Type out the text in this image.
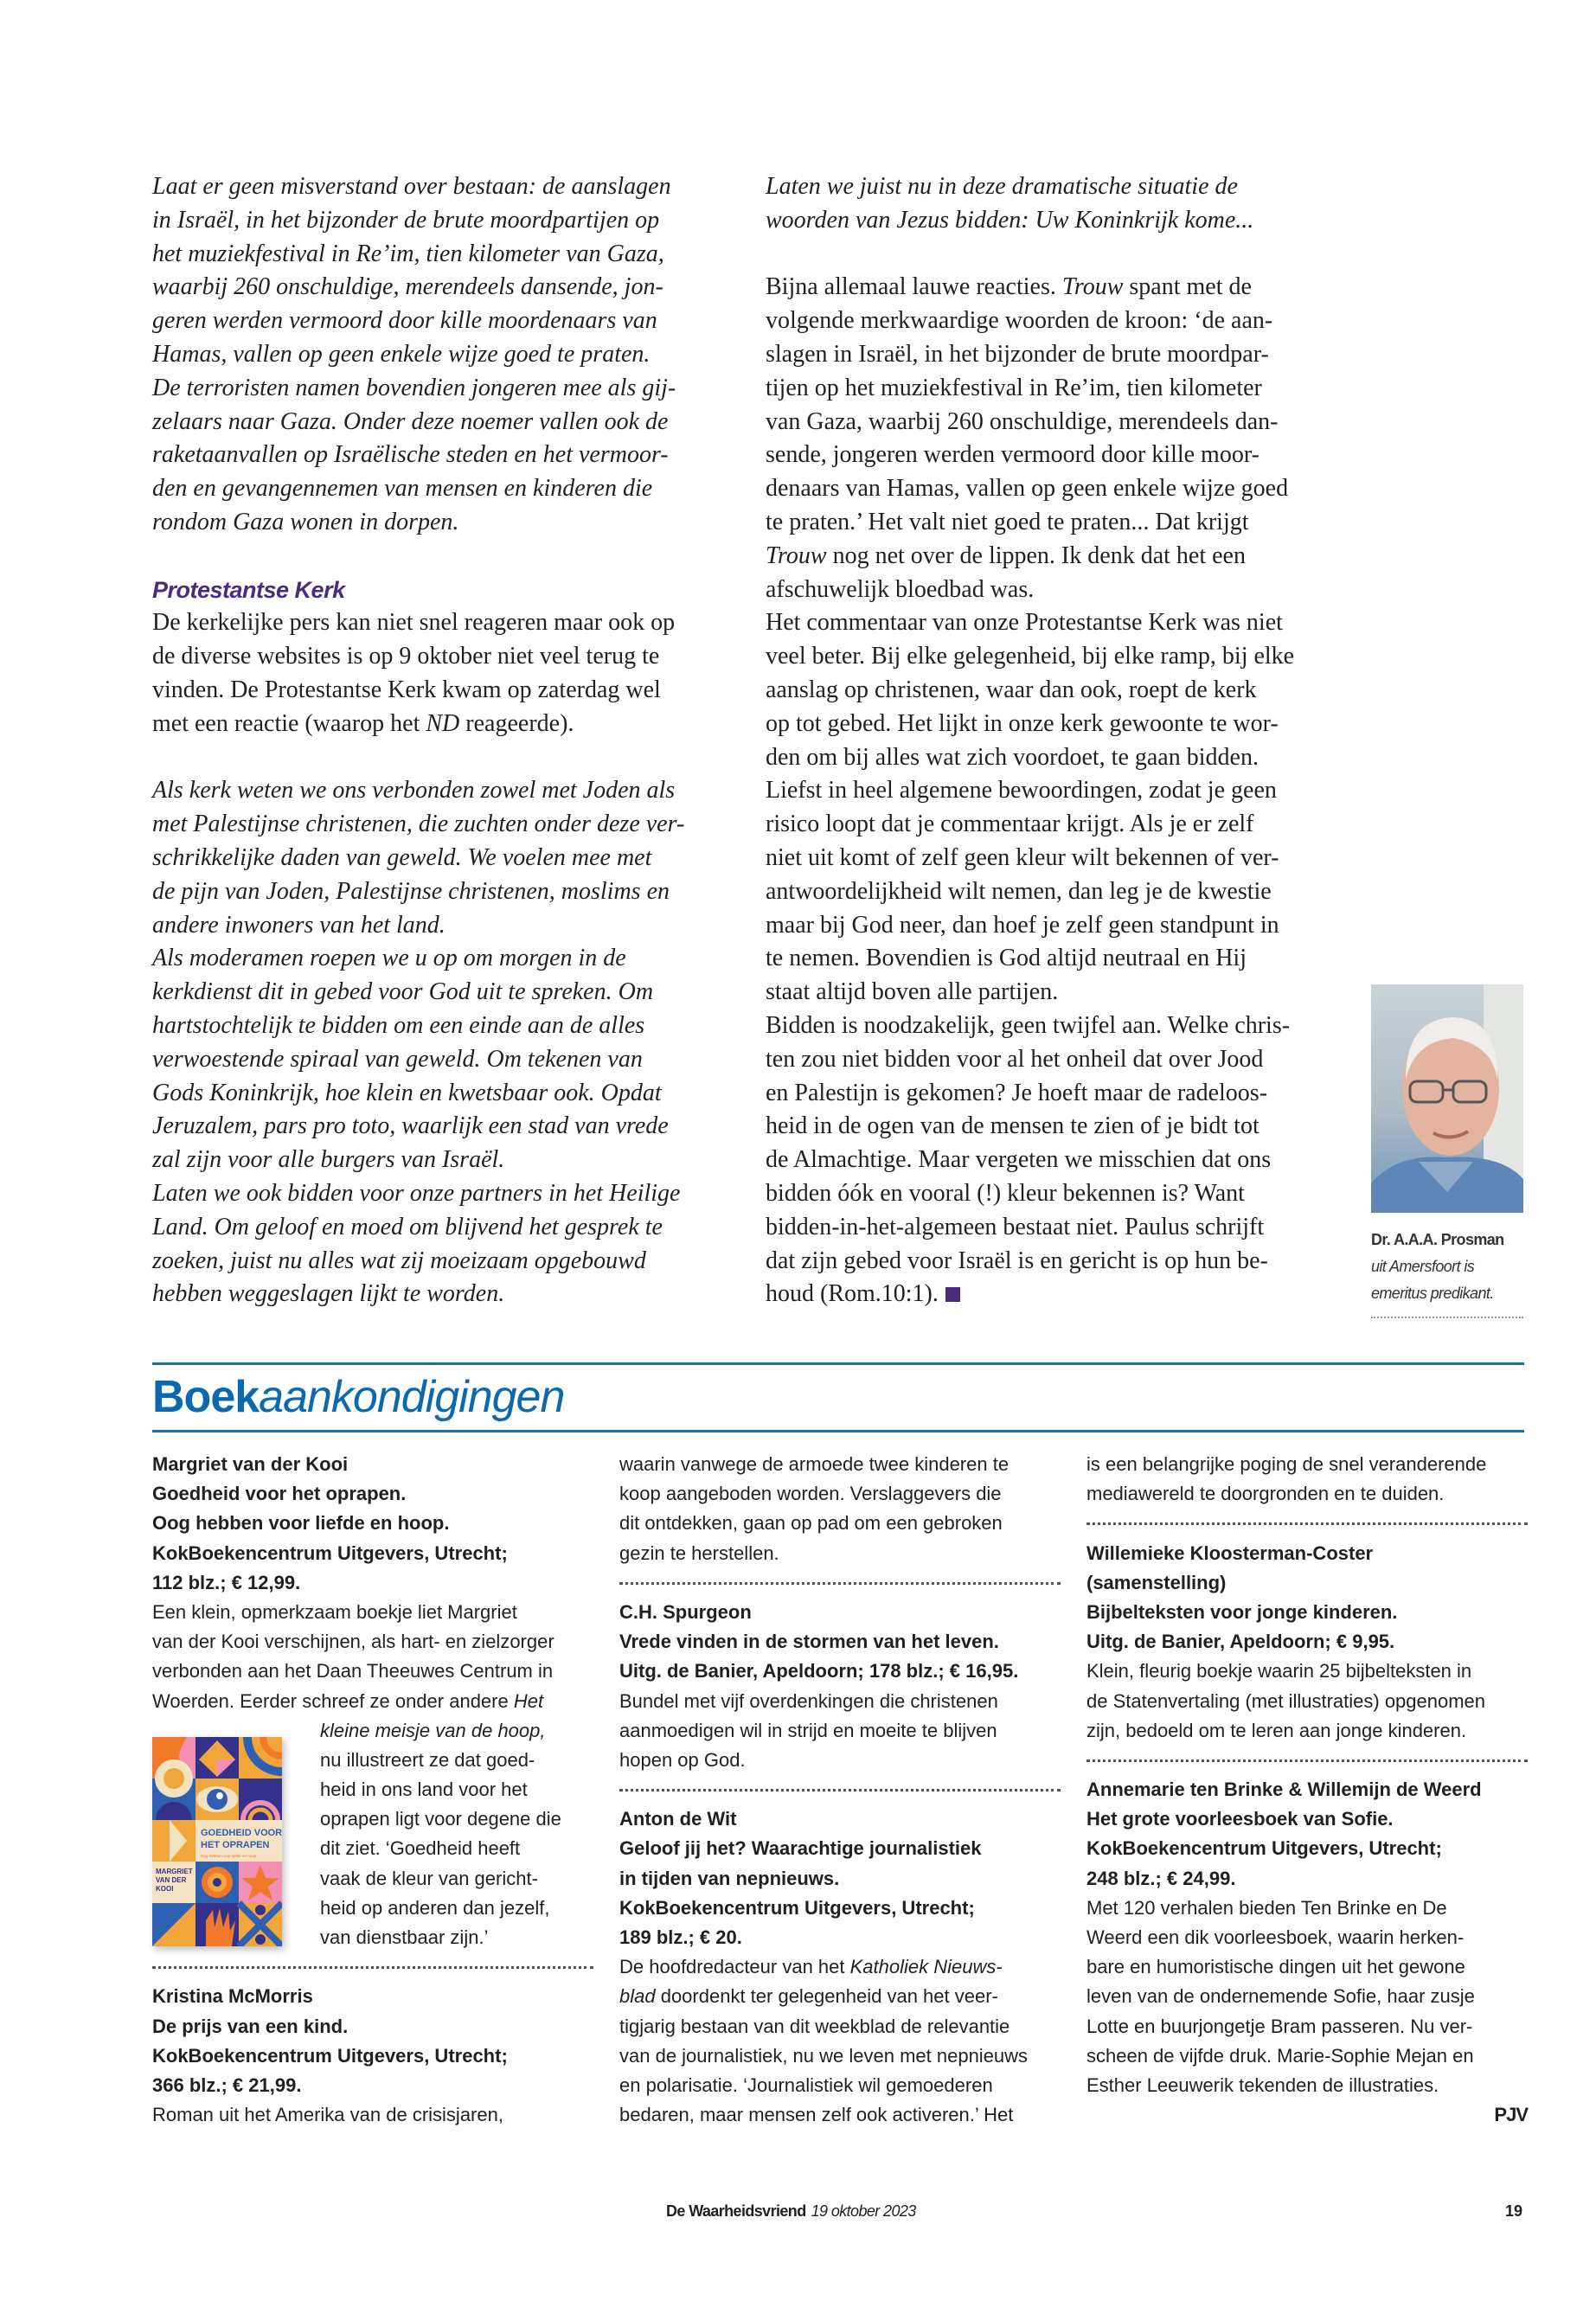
Laat er geen misverstand over bestaan: de aanslagen
in Israël, in het bijzonder de brute moordpartijen op
het muziekfestival in Re’im, tien kilometer van Gaza,
waarbij 260 onschuldige, merendeels dansende, jon-
geren werden vermoord door kille moordenaars van
Hamas, vallen op geen enkele wijze goed te praten.
De terroristen namen bovendien jongeren mee als gij-
zelaars naar Gaza. Onder deze noemer vallen ook de
raketaanvallen op Israëlische steden en het vermoor-
den en gevangennemen van mensen en kinderen die
rondom Gaza wonen in dorpen.
Protestantse Kerk
De kerkelijke pers kan niet snel reageren maar ook op
de diverse websites is op 9 oktober niet veel terug te
vinden. De Protestantse Kerk kwam op zaterdag wel
met een reactie (waarop het ND reageerde).
Als kerk weten we ons verbonden zowel met Joden als
met Palestijnse christenen, die zuchten onder deze ver-
schrikkelijke daden van geweld. We voelen mee met
de pijn van Joden, Palestijnse christenen, moslims en
andere inwoners van het land.
Als moderamen roepen we u op om morgen in de
kerkdienst dit in gebed voor God uit te spreken. Om
hartstochtelijk te bidden om een einde aan de alles
verwoestende spiraal van geweld. Om tekenen van
Gods Koninkrijk, hoe klein en kwetsbaar ook. Opdat
Jeruzalem, pars pro toto, waarlijk een stad van vrede
zal zijn voor alle burgers van Israël.
Laten we ook bidden voor onze partners in het Heilige
Land. Om geloof en moed om blijvend het gesprek te
zoeken, juist nu alles wat zij moeizaam opgebouwd
hebben weggeslagen lijkt te worden.
Laten we juist nu in deze dramatische situatie de
woorden van Jezus bidden: Uw Koninkrijk kome...
Bijna allemaal lauwe reacties. Trouw spant met de
volgende merkwaardige woorden de kroon: ‘de aan-
slagen in Israël, in het bijzonder de brute moordpar-
tijen op het muziekfestival in Re’im, tien kilometer
van Gaza, waarbij 260 onschuldige, merendeels dan-
sende, jongeren werden vermoord door kille moor-
denaars van Hamas, vallen op geen enkele wijze goed
te praten.’ Het valt niet goed te praten... Dat krijgt
Trouw nog net over de lippen. Ik denk dat het een
afschuwelijk bloedbad was.
Het commentaar van onze Protestantse Kerk was niet
veel beter. Bij elke gelegenheid, bij elke ramp, bij elke
aanslag op christenen, waar dan ook, roept de kerk
op tot gebed. Het lijkt in onze kerk gewoonte te wor-
den om bij alles wat zich voordoet, te gaan bidden.
Liefst in heel algemene bewoordingen, zodat je geen
risico loopt dat je commentaar krijgt. Als je er zelf
niet uit komt of zelf geen kleur wilt bekennen of ver-
antwoordelijkheid wilt nemen, dan leg je de kwestie
maar bij God neer, dan hoef je zelf geen standpunt in
te nemen. Bovendien is God altijd neutraal en Hij
staat altijd boven alle partijen.
Bidden is noodzakelijk, geen twijfel aan. Welke chris-
ten zou niet bidden voor al het onheil dat over Jood
en Palestijn is gekomen? Je hoeft maar de radeloos-
heid in de ogen van de mensen te zien of je bidt tot
de Almachtige. Maar vergeten we misschien dat ons
bidden óók en vooral (!) kleur bekennen is? Want
bidden-in-het-algemeen bestaat niet. Paulus schrijft
dat zijn gebed voor Israël is en gericht is op hun be-
houd (Rom.10:1).
Dr. A.A.A. Prosman
uit Amersfoort is
emeritus predikant.
Boekaankondigingen
Margriet van der Kooi
Goedheid voor het oprapen.
Oog hebben voor liefde en hoop.
KokBoekencentrum Uitgevers, Utrecht;
112 blz.; € 12,99.
Een klein, opmerkzaam boekje liet Margriet
van der Kooi verschijnen, als hart- en zielzorger
verbonden aan het Daan Theeuwes Centrum in
Woerden. Eerder schreef ze onder andere Het
kleine meisje van de hoop,
nu illustreert ze dat goed-
heid in ons land voor het
oprapen ligt voor degene die
dit ziet. ‘Goedheid heeft
vaak de kleur van gericht-
heid op anderen dan jezelf,
van dienstbaar zijn.’
Kristina McMorris
De prijs van een kind.
KokBoekencentrum Uitgevers, Utrecht;
366 blz.; € 21,99.
Roman uit het Amerika van de crisisjaren,
waarin vanwege de armoede twee kinderen te
koop aangeboden worden. Verslaggevers die
dit ontdekken, gaan op pad om een gebroken
gezin te herstellen.
C.H. Spurgeon
Vrede vinden in de stormen van het leven.
Uitg. de Banier, Apeldoorn; 178 blz.; € 16,95.
Bundel met vijf overdenkingen die christenen
aanmoedigen wil in strijd en moeite te blijven
hopen op God.
Anton de Wit
Geloof jij het? Waarachtige journalistiek
in tijden van nepnieuws.
KokBoekencentrum Uitgevers, Utrecht;
189 blz.; € 20.
De hoofdredacteur van het Katholiek Nieuws-
blad doordenkt ter gelegenheid van het veer-
tigjarig bestaan van dit weekblad de relevantie
van de journalistiek, nu we leven met nepnieuws
en polarisatie. ‘Journalistiek wil gemoederen
bedaren, maar mensen zelf ook activeren.’ Het
is een belangrijke poging de snel veranderende
mediawereld te doorgronden en te duiden.
Willemieke Kloosterman-Coster
(samenstelling)
Bijbelteksten voor jonge kinderen.
Uitg. de Banier, Apeldoorn; € 9,95.
Klein, fleurig boekje waarin 25 bijbelteksten in
de Statenvertaling (met illustraties) opgenomen
zijn, bedoeld om te leren aan jonge kinderen.
Annemarie ten Brinke & Willemijn de Weerd
Het grote voorleesboek van Sofie.
KokBoekencentrum Uitgevers, Utrecht;
248 blz.; € 24,99.
Met 120 verhalen bieden Ten Brinke en De
Weerd een dik voorleesboek, waarin herken-
bare en humoristische dingen uit het gewone
leven van de ondernemende Sofie, haar zusje
Lotte en buurjongetje Bram passeren. Nu ver-
scheen de vijfde druk. Marie-Sophie Mejan en
Esther Leeuwerik tekenden de illustraties.
PJV
GOEDHEID VOOR
HET OPRAPEN
Oog hebben voor liefde en hoop
MARGRIET
VAN DER
KOOI
De Waarheidsvriend 19 oktober 2023	19
